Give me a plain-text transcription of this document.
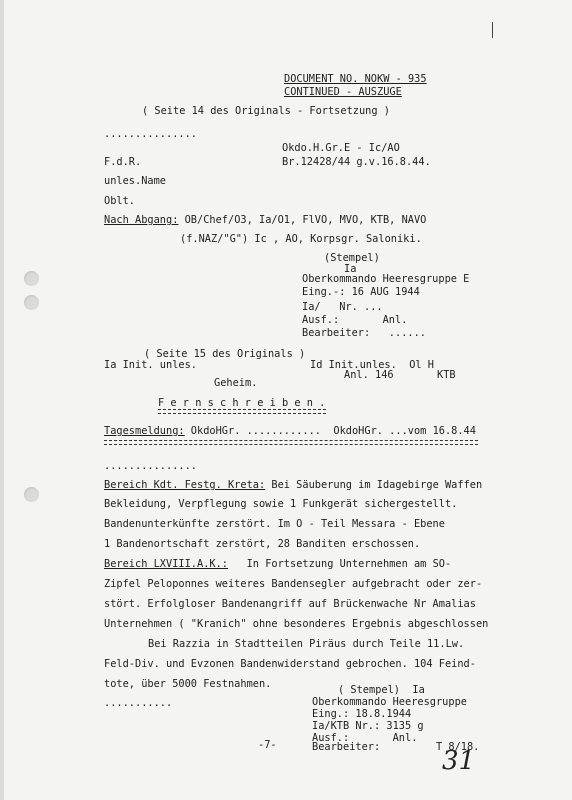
DOCUMENT NO. NOKW - 935
CONTINUED - AUSZUGE
( Seite 14 des Originals - Fortsetzung )
...............
Okdo.H.Gr.E - Ic/AO
F.d.R.	Br.12428/44 g.v.16.8.44.
unles.Name
Oblt.
Nach Abgang: OB/Chef/O3, Ia/O1, FlVO, MVO, KTB, NAVO
(f.NAZ/"G") Ic , AO, Korpsgr. Saloniki.
(Stempel)
Ia
Oberkommando Heeresgruppe E
Eing.-: 16 AUG 1944
Ia/   Nr. ...
Ausf.:       Anl.
Bearbeiter:   ......
( Seite 15 des Originals )
Ia Init. unles.	Id Init.unles.  Ol H
Anl. 146       KTB
Geheim.
F e r n s c h r e i b e n .
Tagesmeldung: OkdoHGr. ............  OkdoHGr. ...vom 16.8.44
...............
Bereich Kdt. Festg. Kreta: Bei Säuberung im Idagebirge Waffen
Bekleidung, Verpflegung sowie 1 Funkgerät sichergestellt.
Bandenunterkünfte zerstört. Im O - Teil Messara - Ebene
1 Bandenortschaft zerstört, 28 Banditen erschossen.
Bereich LXVIII.A.K.:   In Fortsetzung Unternehmen am SO-
Zipfel Peloponnes weiteres Bandensegler aufgebracht oder zer-
stört. Erfolgloser Bandenangriff auf Brückenwache Nr Amalias
Unternehmen ( "Kranich" ohne besonderes Ergebnis abgeschlossen
Bei Razzia in Stadtteilen Piräus durch Teile 11.Lw.
Feld-Div. und Evzonen Bandenwiderstand gebrochen. 104 Feind-
tote, über 5000 Festnahmen.
...........
( Stempel)  Ia
Oberkommando Heeresgruppe
Eing.: 18.8.1944
Ia/KTB Nr.: 3135 g
Ausf.:       Anl.
Bearbeiter:         T 8/18.
-7-
31
